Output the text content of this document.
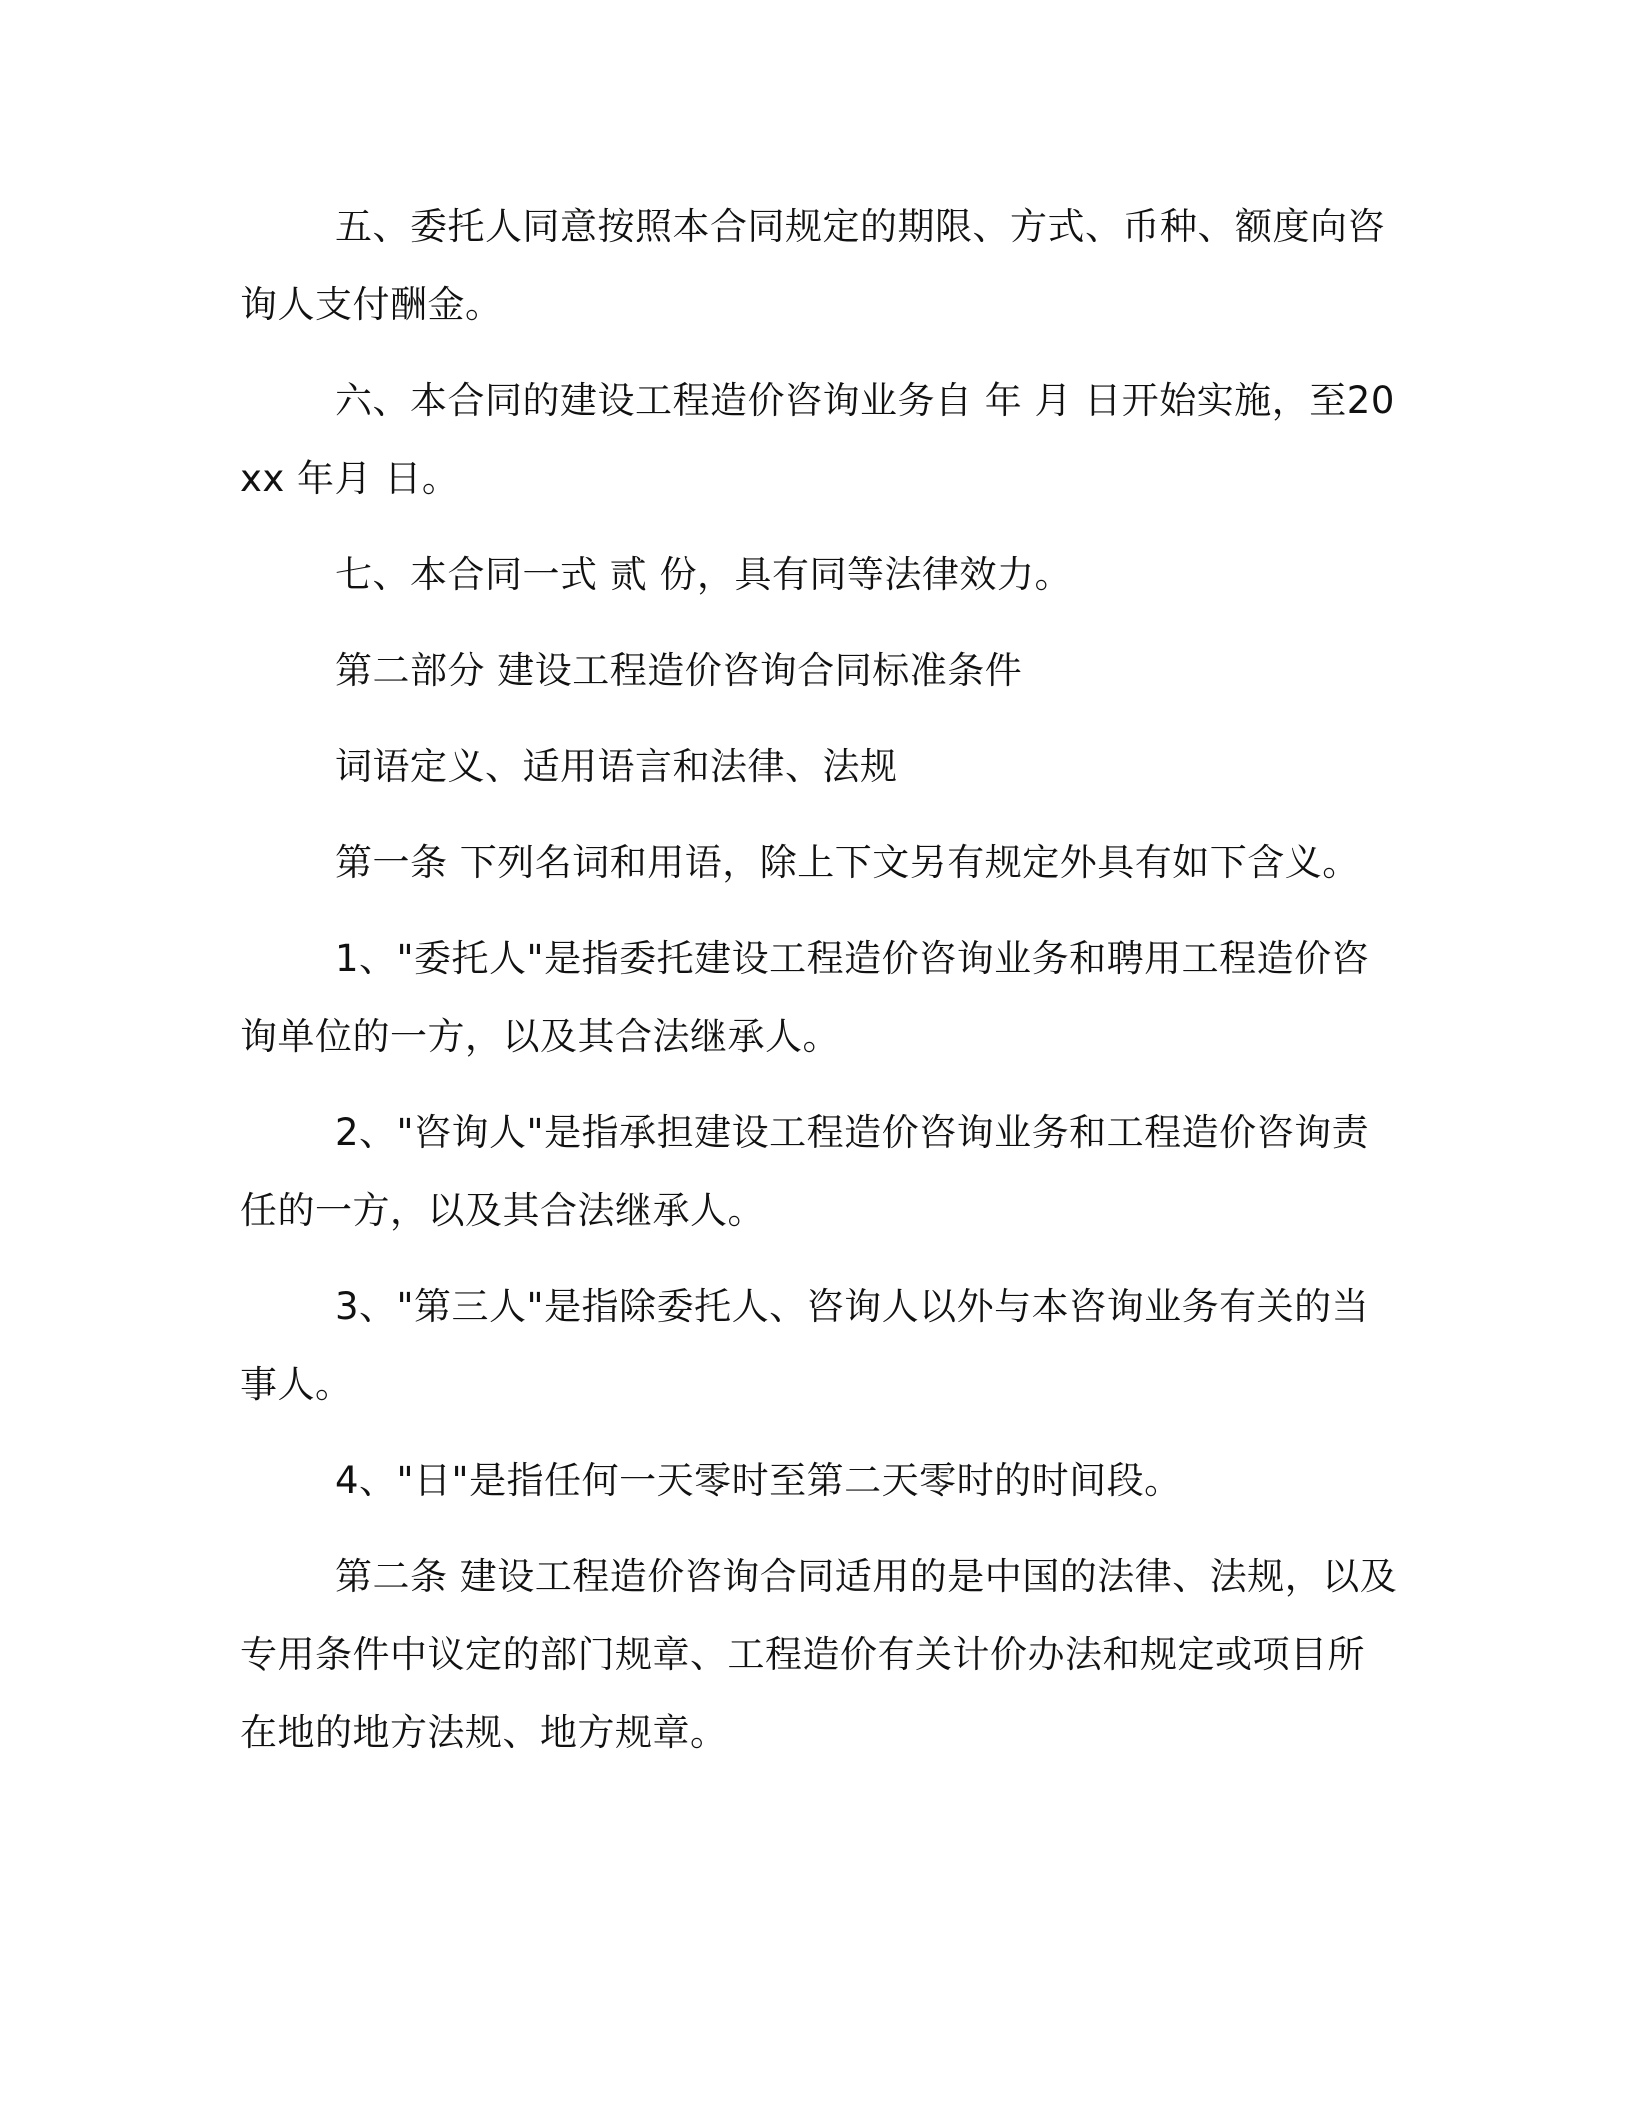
五、委托人同意按照本合同规定的期限、方式、币种、额度向咨询人支付酬金。

六、本合同的建设工程造价咨询业务自 年 月 日开始实施，至20xx 年月 日。

七、本合同一式 贰 份，具有同等法律效力。

第二部分 建设工程造价咨询合同标准条件

词语定义、适用语言和法律、法规

第一条 下列名词和用语，除上下文另有规定外具有如下含义。

1、"委托人"是指委托建设工程造价咨询业务和聘用工程造价咨询单位的一方，以及其合法继承人。

2、"咨询人"是指承担建设工程造价咨询业务和工程造价咨询责任的一方，以及其合法继承人。

3、"第三人"是指除委托人、咨询人以外与本咨询业务有关的当事人。

4、"日"是指任何一天零时至第二天零时的时间段。

第二条 建设工程造价咨询合同适用的是中国的法律、法规，以及专用条件中议定的部门规章、工程造价有关计价办法和规定或项目所在地的地方法规、地方规章。
